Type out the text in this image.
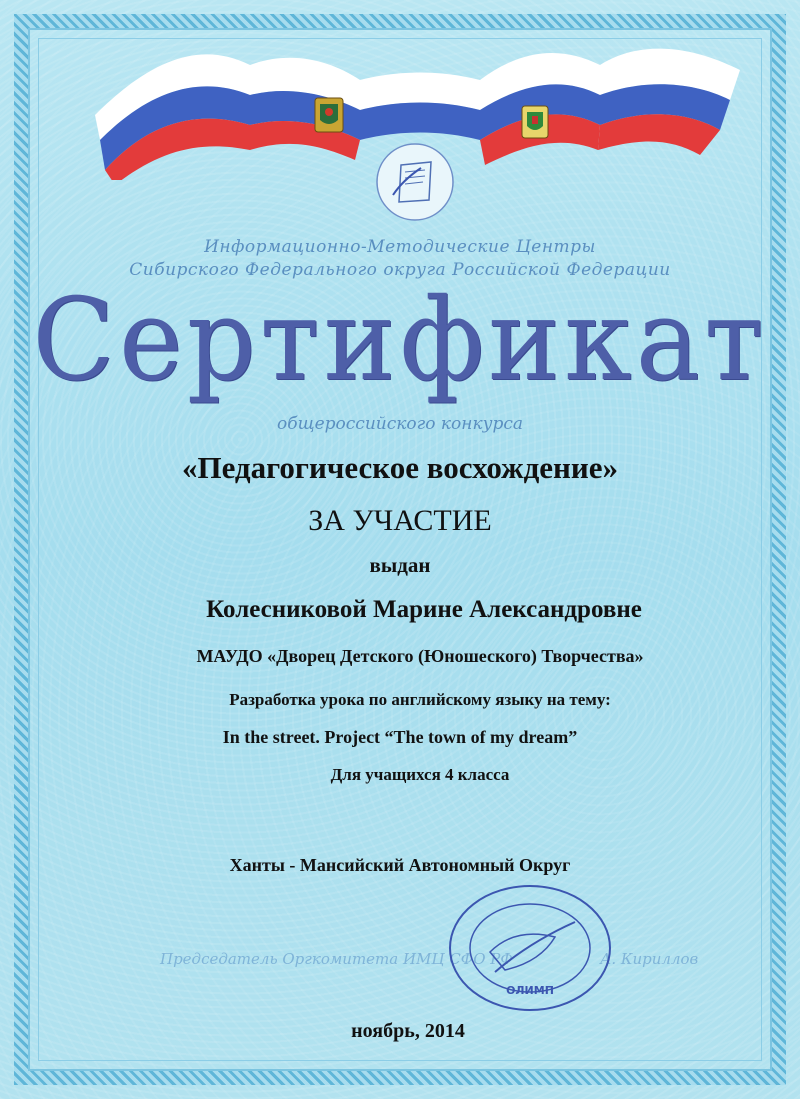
Информационно-Методические Центры
Сибирского Федерального округа Российской Федерации
Сертификат
общероссийского конкурса
«Педагогическое восхождение»
ЗА УЧАСТИЕ
выдан
Колесниковой Марине Александровне
МАУДО «Дворец Детского (Юношеского) Творчества»
Разработка урока по английскому языку на тему:
In the street. Project “The town of my dream”
Для учащихся 4 класса
Ханты - Мансийский Автономный Округ
Председатель Оргкомитета ИМЦ СФО РФ	А. Кириллов
ОЛИМП
ноябрь, 2014
